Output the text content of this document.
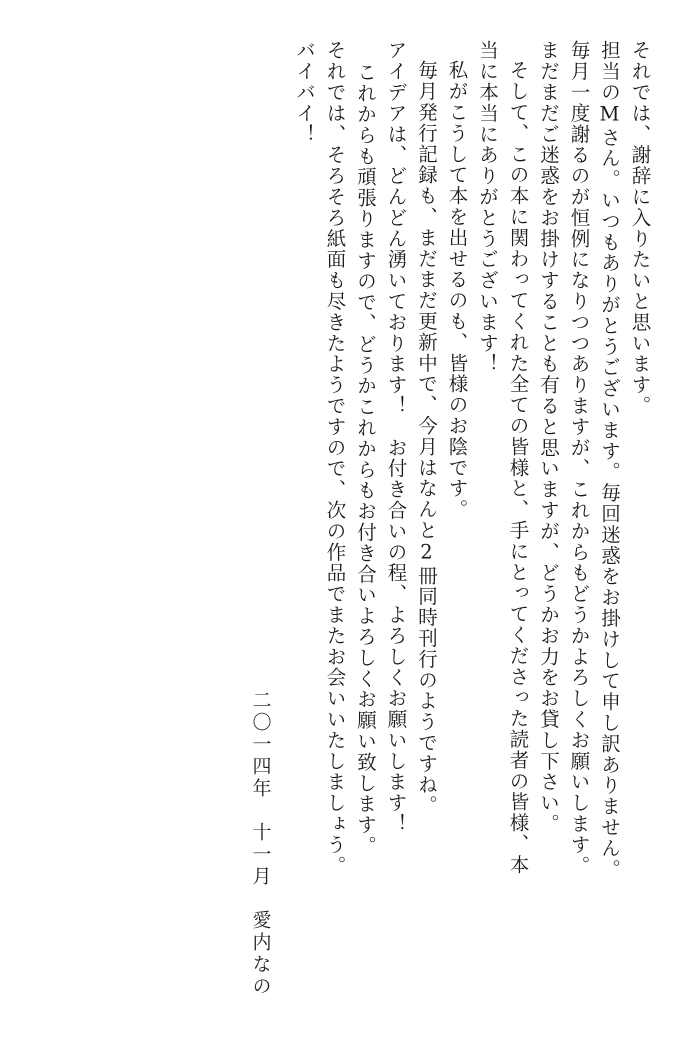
それでは、謝辞に入りたいと思います。
担当のМさん。いつもありがとうございます。毎回迷惑をお掛けして申し訳ありません。
毎月一度謝るのが恒例になりつつありますが、これからもどうかよろしくお願いします。
まだまだご迷惑をお掛けすることも有ると思いますが、どうかお力をお貸し下さい。
そして、この本に関わってくれた全ての皆様と、手にとってくださった読者の皆様、本
当に本当にありがとうございます！
私がこうして本を出せるのも、皆様のお陰です。
毎月発行記録も、まだまだ更新中で、今月はなんと2冊同時刊行のようですね。
アイデアは、どんどん湧いております！　お付き合いの程、よろしくお願いします！
これからも頑張りますので、どうかこれからもお付き合いよろしくお願い致します。
それでは、そろそろ紙面も尽きたようですので、次の作品でまたお会いいたしましょう。
バイバイ！
二〇一四年　十一月　愛内なの
